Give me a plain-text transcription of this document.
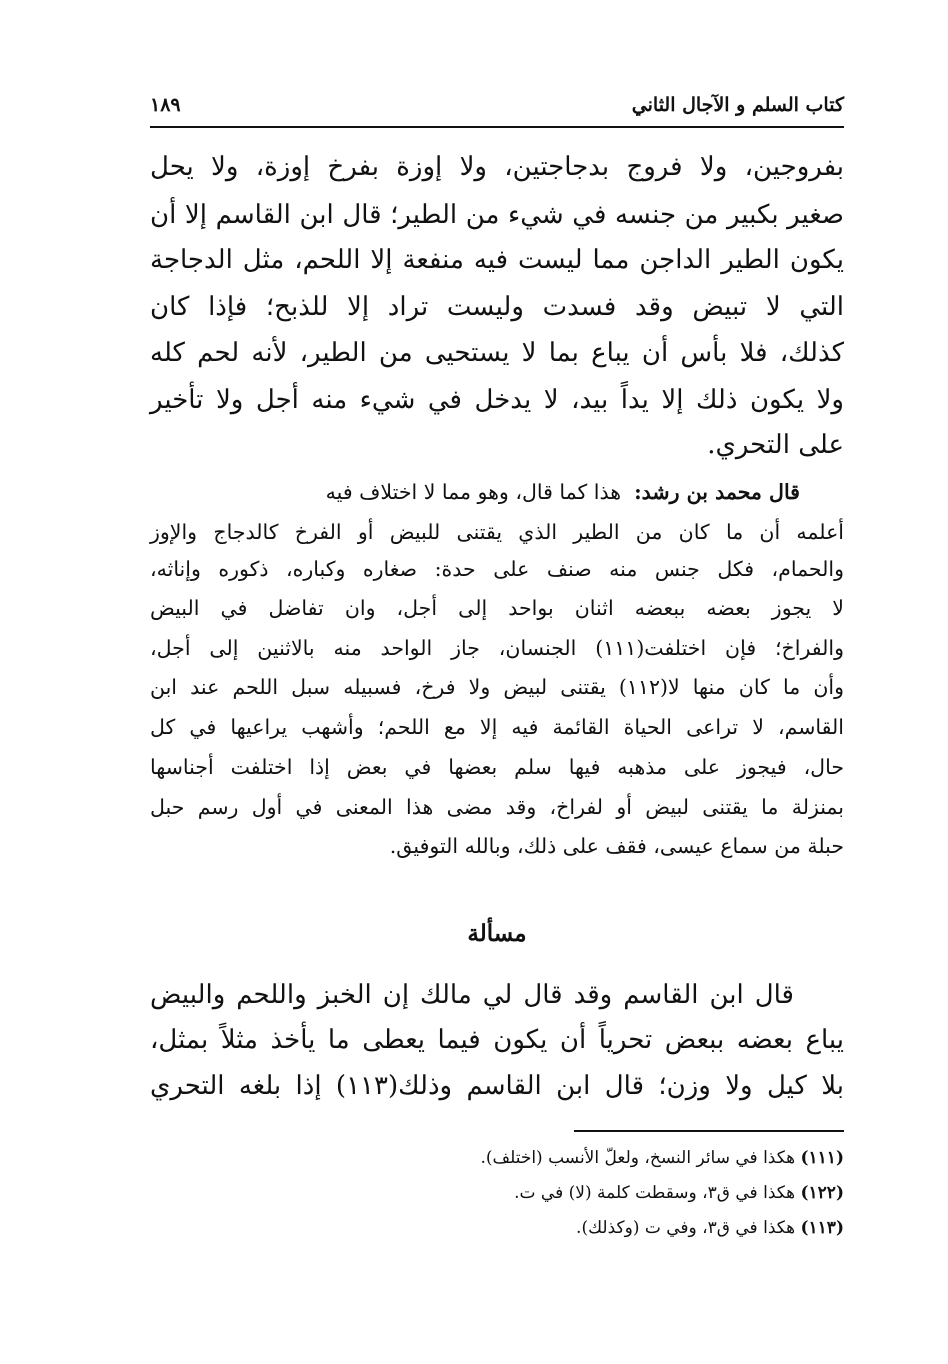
كتاب السلم و الآجال الثاني
١٨٩
بفروجين، ولا فروج بدجاجتين، ولا إوزة بفرخ إوزة، ولا يحل
صغير بكبير من جنسه في شيء من الطير؛ قال ابن القاسم إلا أن
يكون الطير الداجن مما ليست فيه منفعة إلا اللحم، مثل الدجاجة
التي لا تبيض وقد فسدت وليست تراد إلا للذبح؛ فإذا كان
كذلك، فلا بأس أن يباع بما لا يستحيى من الطير، لأنه لحم كله
ولا يكون ذلك إلا يداً بيد، لا يدخل في شيء منه أجل ولا تأخير
على التحري.
قال محمد بن رشد:  هذا كما قال، وهو مما لا اختلاف فيه
أعلمه أن ما كان من الطير الذي يقتنى للبيض أو الفرخ كالدجاج والإوز
والحمام، فكل جنس منه صنف على حدة: صغاره وكباره، ذكوره وإناثه،
لا يجوز بعضه ببعضه اثنان بواحد إلى أجل، وان تفاضل في البيض
والفراخ؛ فإن اختلفت(١١١) الجنسان، جاز الواحد منه بالاثنين إلى أجل،
وأن ما كان منها لا(١١٢) يقتنى لبيض ولا فرخ، فسبيله سبل اللحم عند ابن
القاسم، لا تراعى الحياة القائمة فيه إلا مع اللحم؛ وأشهب يراعيها في كل
حال، فيجوز على مذهبه فيها سلم بعضها في بعض إذا اختلفت أجناسها
بمنزلة ما يقتنى لبيض أو لفراخ، وقد مضى هذا المعنى في أول رسم حبل
حبلة من سماع عيسى، فقف على ذلك، وبالله التوفيق.
مسألة
قال ابن القاسم وقد قال لي مالك إن الخبز واللحم والبيض
يباع بعضه ببعض تحرياً أن يكون فيما يعطى ما يأخذ مثلاً بمثل،
بلا كيل ولا وزن؛ قال ابن القاسم وذلك(١١٣) إذا بلغه التحري
(١١١) هكذا في سائر النسخ، ولعلّ الأنسب (اختلف).
(١٢٢) هكذا في ق٣، وسقطت كلمة (لا) في ت.
(١١٣) هكذا في ق٣، وفي ت (وكذلك).
